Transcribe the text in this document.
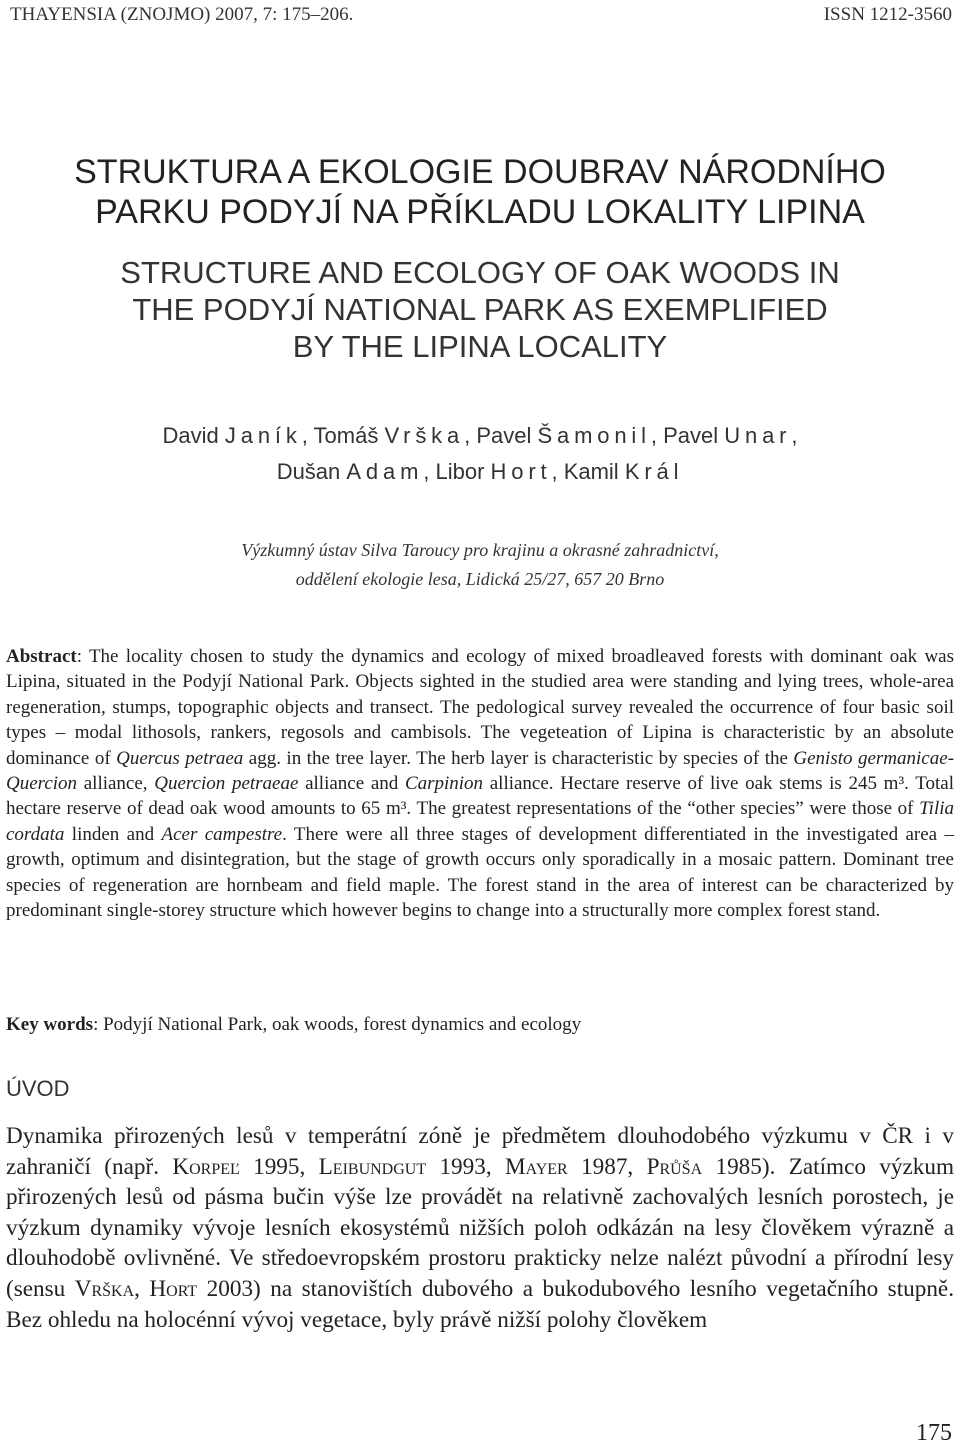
THAYENSIA (ZNOJMO) 2007, 7: 175–206.	ISSN 1212-3560
STRUKTURA A EKOLOGIE DOUBRAV NÁRODNÍHO
PARKU PODYJÍ NA PŘÍKLADU LOKALITY LIPINA
STRUCTURE AND ECOLOGY OF OAK WOODS IN
THE PODYJÍ NATIONAL PARK AS EXEMPLIFIED
BY THE LIPINA LOCALITY
David Janík, Tomáš Vrška, Pavel Šamonil, Pavel Unar,
Dušan Adam, Libor Hort, Kamil Král
Výzkumný ústav Silva Taroucy pro krajinu a okrasné zahradnictví,
oddělení ekologie lesa, Lidická 25/27, 657 20 Brno
Abstract: The locality chosen to study the dynamics and ecology of mixed broadleaved forests with dominant oak was Lipina, situated in the Podyjí National Park. Objects sighted in the studied area were standing and lying trees, whole-area regeneration, stumps, topographic objects and transect. The pedological survey revealed the occurrence of four basic soil types – modal lithosols, rankers, regosols and cambisols. The vegeteation of Lipina is characteristic by an absolute dominance of Quercus petraea agg. in the tree layer. The herb layer is characteristic by species of the Genisto germanicae-Quercion alliance, Quercion petraeae alliance and Carpinion alliance. Hectare reserve of live oak stems is 245 m³. Total hectare reserve of dead oak wood amounts to 65 m³. The greatest representations of the “other species” were those of Tilia cordata linden and Acer campestre. There were all three stages of development differentiated in the investigated area – growth, optimum and disintegration, but the stage of growth occurs only sporadically in a mosaic pattern. Dominant tree species of regeneration are hornbeam and field maple. The forest stand in the area of interest can be characterized by predominant single-storey structure which however begins to change into a structurally more complex forest stand.
Key words: Podyjí National Park, oak woods, forest dynamics and ecology
ÚVOD
Dynamika přirozených lesů v temperátní zóně je předmětem dlouhodobého výzkumu v ČR i v zahraničí (např. Korpeľ 1995, Leibundgut 1993, Mayer 1987, Průša 1985). Zatímco výzkum přirozených lesů od pásma bučin výše lze provádět na relativně zachovalých lesních porostech, je výzkum dynamiky vývoje lesních ekosystémů nižších poloh odkázán na lesy člověkem výrazně a dlouhodobě ovlivněné. Ve středoevropském prostoru prakticky nelze nalézt původní a přírodní lesy (sensu Vrška, Hort 2003) na stanovištích dubového a bukodubového lesního vegetačního stupně. Bez ohledu na holocénní vývoj vegetace, byly právě nižší polohy člověkem
175
